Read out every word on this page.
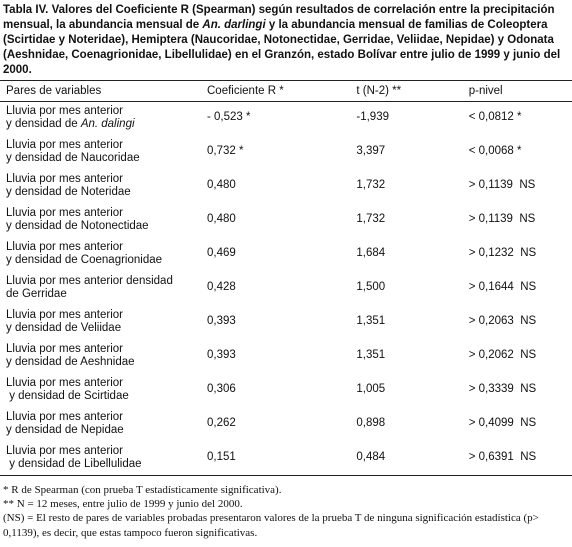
Tabla IV. Valores del Coeficiente R (Spearman) según resultados de correlación entre la precipitación mensual, la abundancia mensual de An. darlingi y la abundancia mensual de familias de Coleoptera (Scirtidae y Noteridae), Hemiptera (Naucoridae, Notonectidae, Gerridae, Veliidae, Nepidae) y Odonata (Aeshnidae, Coenagrionidae, Libellulidae) en el Granzón, estado Bolívar entre julio de 1999 y junio del 2000.
Pares de variables	Coeficiente R *	t (N-2) **	p-nivel

Lluvia por mes anterior
y densidad de An. dalingi	- 0,523 *	-1,939	< 0,0812 *

Lluvia por mes anterior
y densidad de Naucoridae	0,732 *	3,397	< 0,0068 *

Lluvia por mes anterior
y densidad de Noteridae	0,480	1,732	> 0,1139  NS

Lluvia por mes anterior
y densidad de Notonectidae	0,480	1,732	> 0,1139  NS

Lluvia por mes anterior
y densidad de Coenagrionidae	0,469	1,684	> 0,1232  NS

Lluvia por mes anterior densidad
de Gerridae	0,428	1,500	> 0,1644  NS

Lluvia por mes anterior
y densidad de Veliidae	0,393	1,351	> 0,2063  NS

Lluvia por mes anterior
y densidad de Aeshnidae	0,393	1,351	> 0,2062  NS

Lluvia por mes anterior
y densidad de Scirtidae	0,306	1,005	> 0,3339  NS

Lluvia por mes anterior
y densidad de Nepidae	0,262	0,898	> 0,4099  NS

Lluvia por mes anterior
y densidad de Libellulidae	0,151	0,484	> 0,6391  NS
* R de Spearman (con prueba T estadísticamente significativa).
** N = 12 meses, entre julio de 1999 y junio del 2000.
(NS) = El resto de pares de variables probadas presentaron valores de la prueba T de ninguna significación estadística (p> 0,1139), es decir, que estas tampoco fueron significativas.
